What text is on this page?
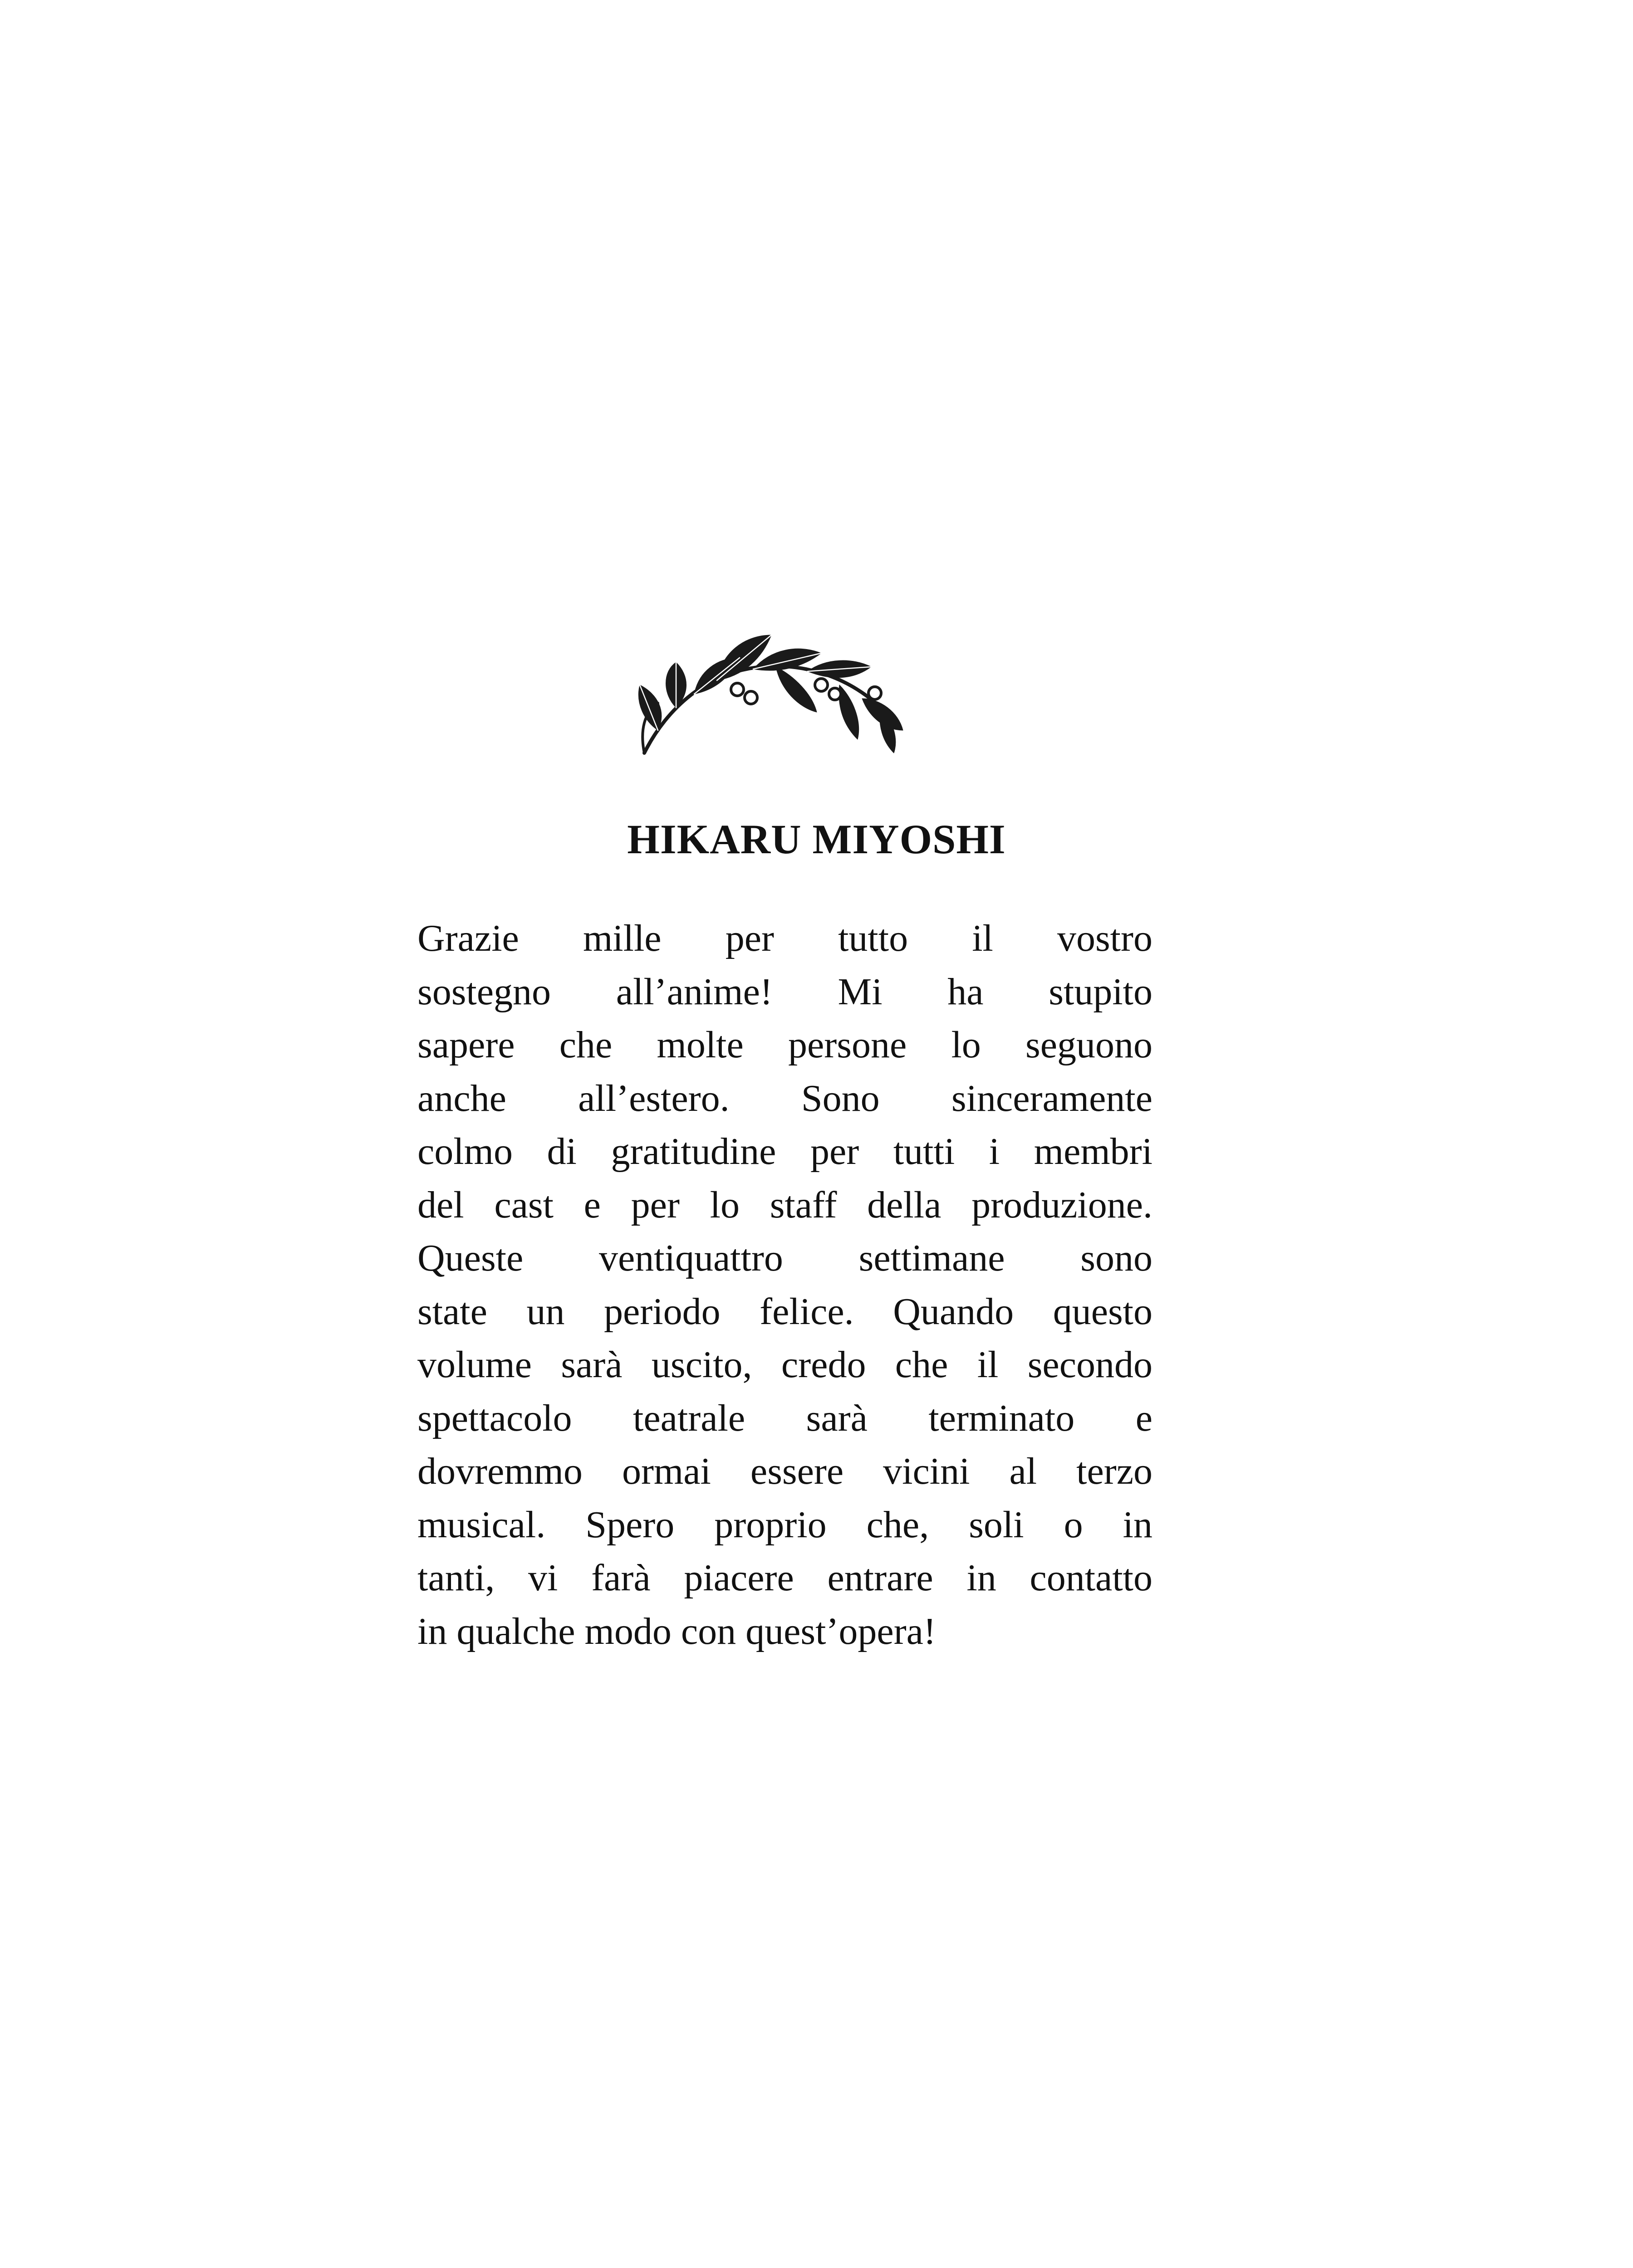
HIKARU MIYOSHI
Grazie mille per tutto il vostro
sostegno all’anime! Mi ha stupito
sapere che molte persone lo seguono
anche all’estero. Sono sinceramente
colmo di gratitudine per tutti i membri
del cast e per lo staff della produzione.
Queste ventiquattro settimane sono
state un periodo felice. Quando questo
volume sarà uscito, credo che il secondo
spettacolo teatrale sarà terminato e
dovremmo ormai essere vicini al terzo
musical. Spero proprio che, soli o in
tanti, vi farà piacere entrare in contatto
in qualche modo con quest’opera!
